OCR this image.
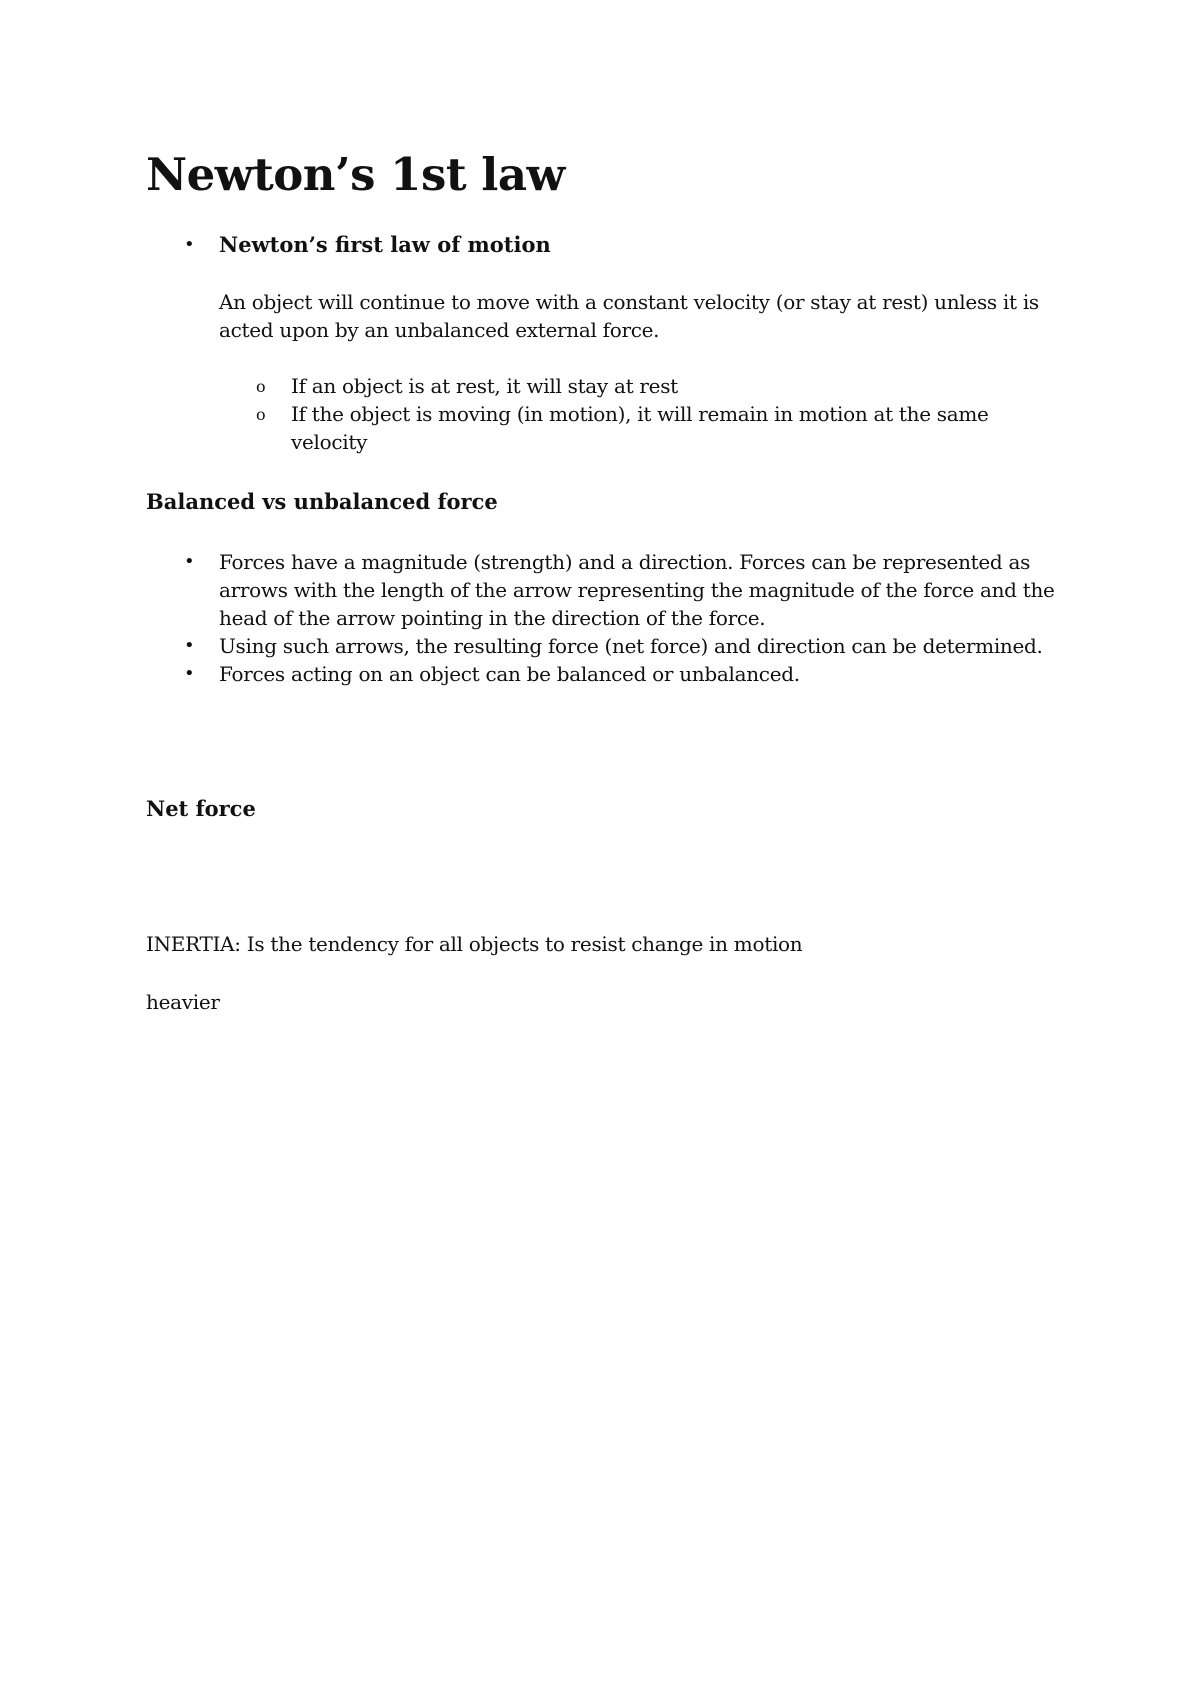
Newton’s 1st law
• Newton’s first law of motion
An object will continue to move with a constant velocity (or stay at rest) unless it is
acted upon by an unbalanced external force.
o If an object is at rest, it will stay at rest
o If the object is moving (in motion), it will remain in motion at the same
velocity
Balanced vs unbalanced force
• Forces have a magnitude (strength) and a direction. Forces can be represented as
arrows with the length of the arrow representing the magnitude of the force and the
head of the arrow pointing in the direction of the force.
• Using such arrows, the resulting force (net force) and direction can be determined.
• Forces acting on an object can be balanced or unbalanced.
Net force
INERTIA: Is the tendency for all objects to resist change in motion
heavier
